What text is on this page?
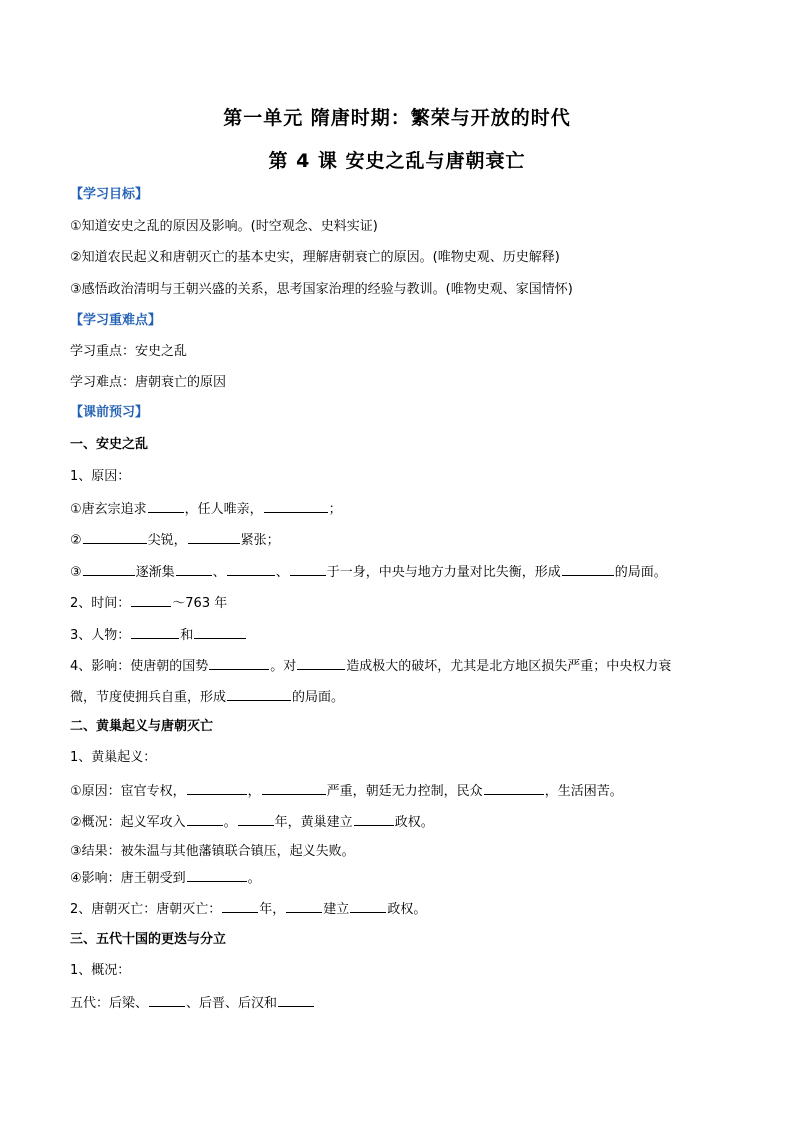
第一单元 隋唐时期：繁荣与开放的时代
第 4 课 安史之乱与唐朝衰亡
【学习目标】
①知道安史之乱的原因及影响。(时空观念、史料实证)
②知道农民起义和唐朝灭亡的基本史实，理解唐朝衰亡的原因。(唯物史观、历史解释)
③感悟政治清明与王朝兴盛的关系，思考国家治理的经验与教训。(唯物史观、家国情怀)
【学习重难点】
学习重点：安史之乱
学习难点：唐朝衰亡的原因
【课前预习】
一、安史之乱
1、原因：
①唐玄宗追求	，任人唯亲，	；
②	尖锐，	紧张；
③	逐渐集	、	、	于一身，中央与地方力量对比失衡，形成	的局面。
2、时间：	～763 年
3、人物：	和
4、影响：使唐朝的国势	。对	造成极大的破坏，尤其是北方地区损失严重；中央权力衰
微，节度使拥兵自重，形成	的局面。
二、黄巢起义与唐朝灭亡
1、黄巢起义：
①原因：宦官专权，	，	严重，朝廷无力控制，民众	，生活困苦。
②概况：起义军攻入	。	年，黄巢建立	政权。
③结果：被朱温与其他藩镇联合镇压，起义失败。
④影响：唐王朝受到	。
2、唐朝灭亡：唐朝灭亡：	年，	建立	政权。
三、五代十国的更迭与分立
1、概况：
五代：后梁、	、后晋、后汉和
